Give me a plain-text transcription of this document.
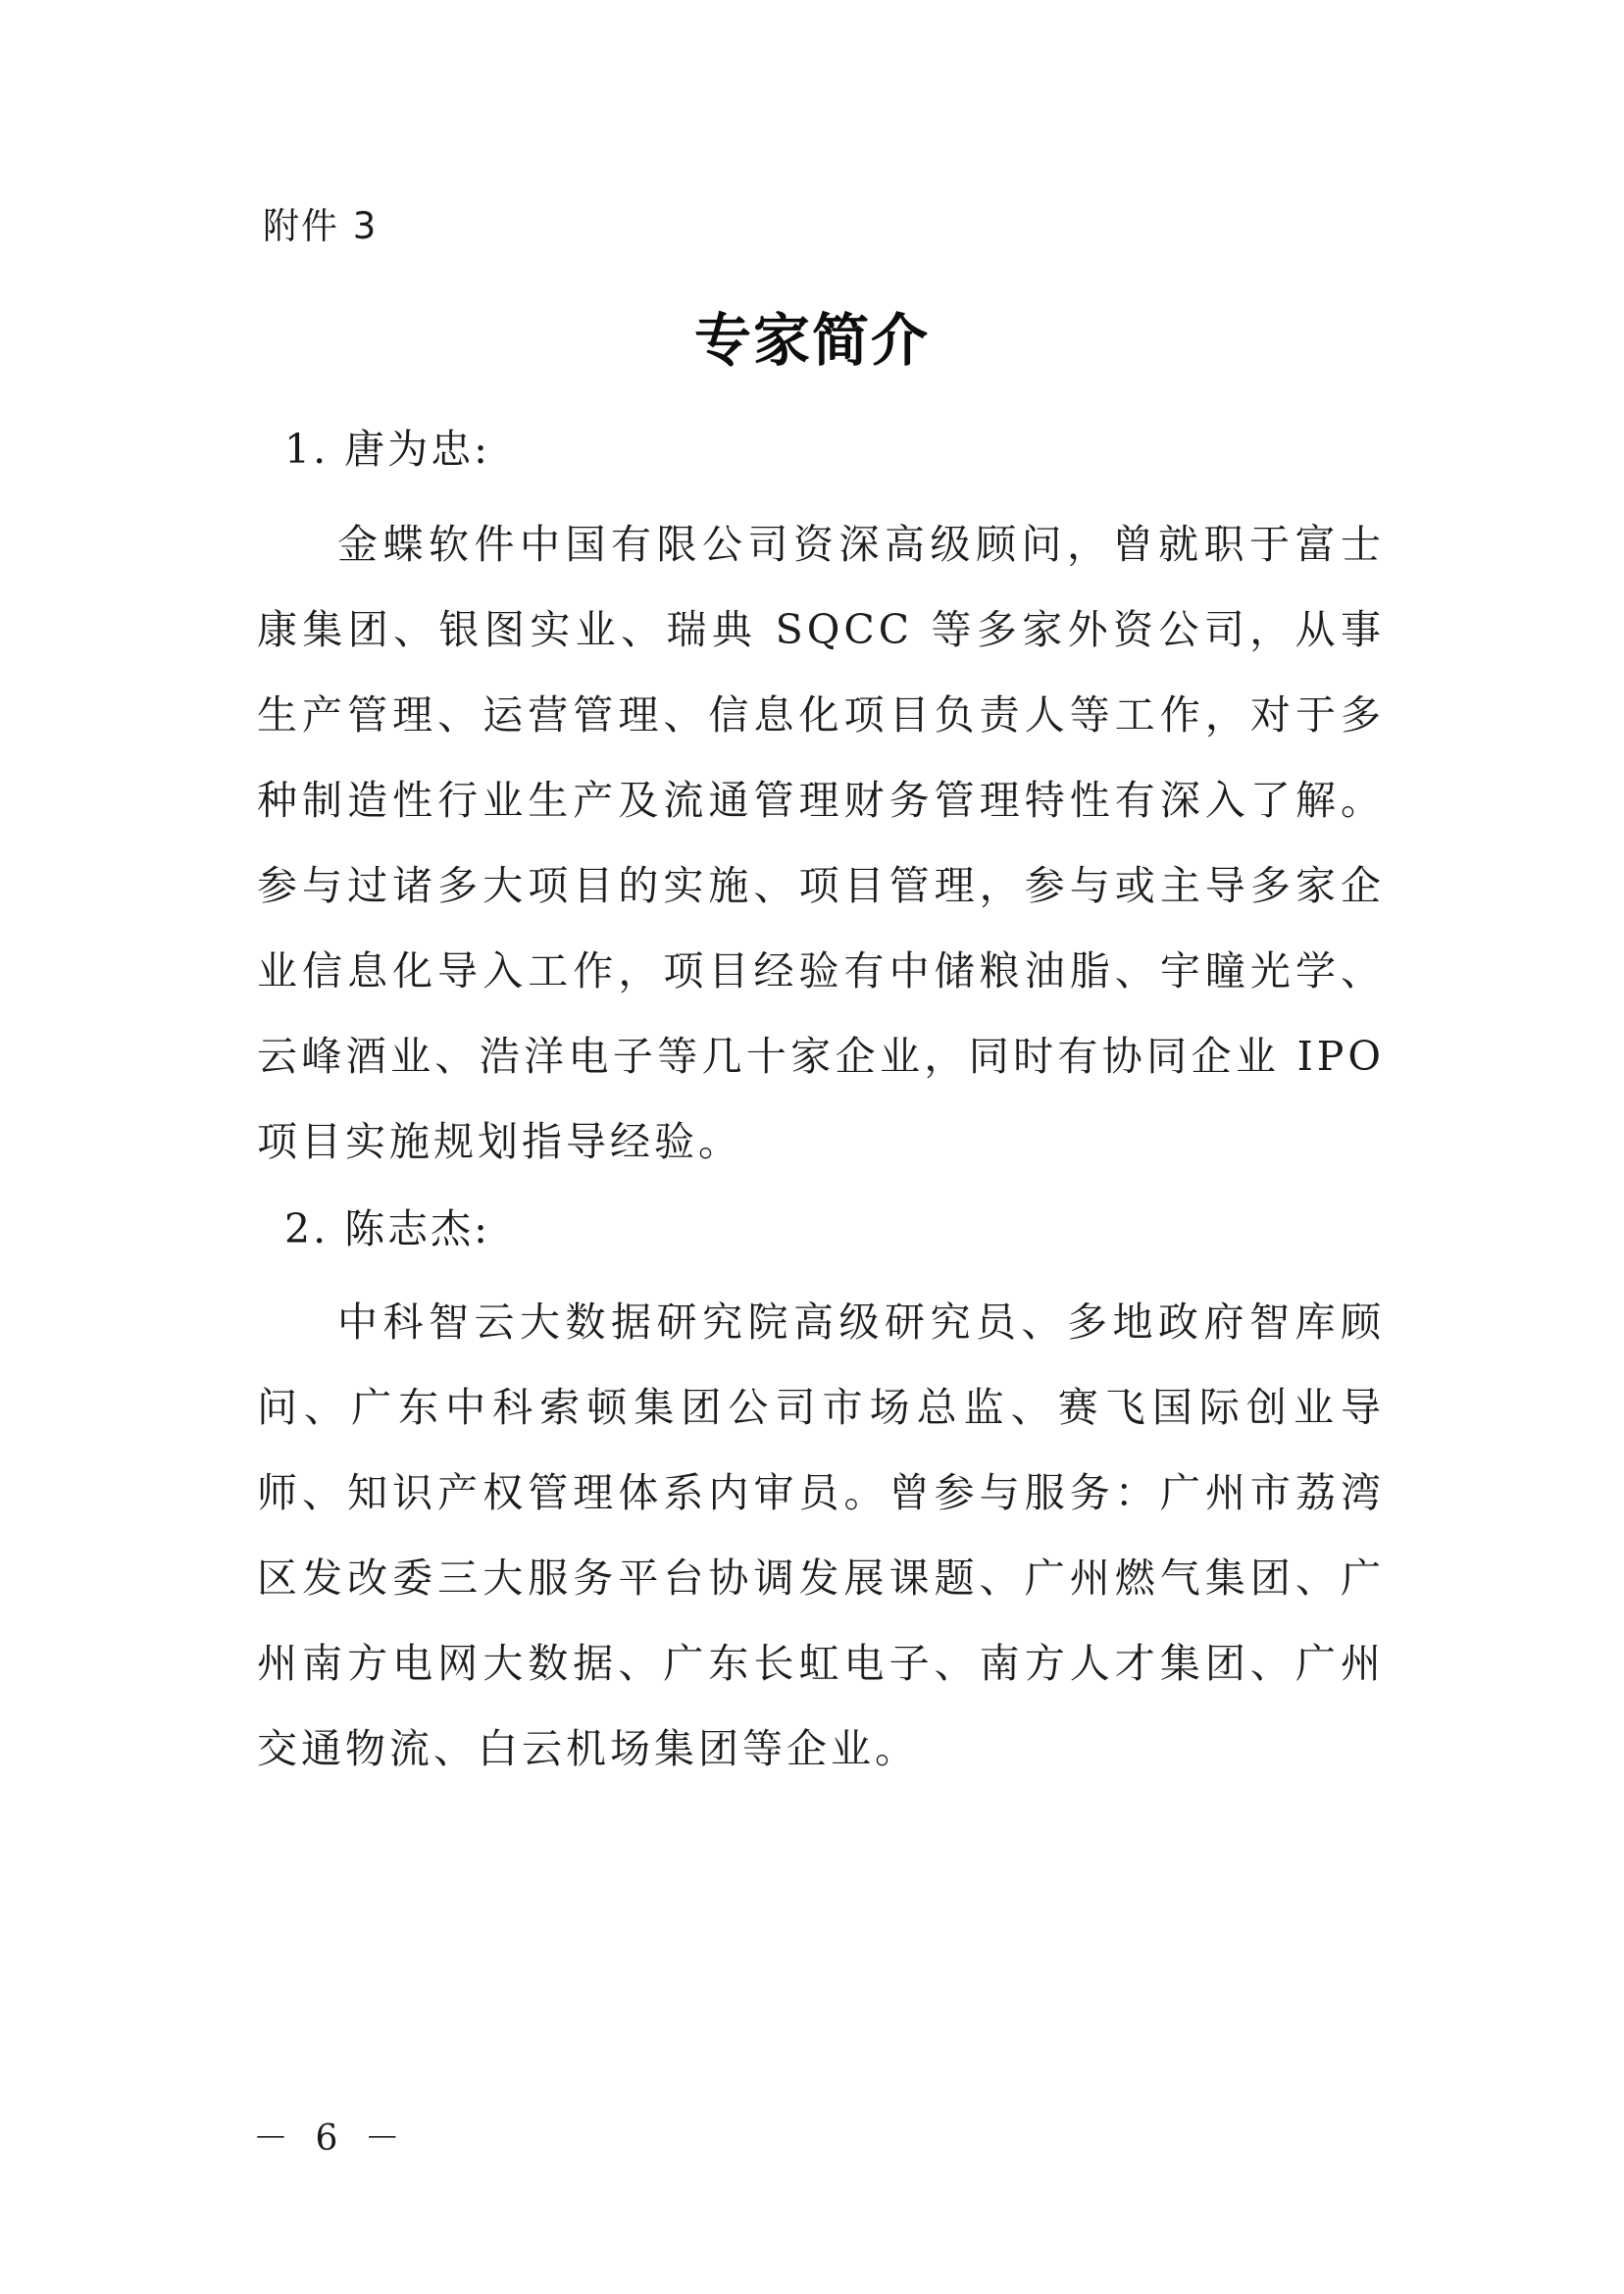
附件 3
专家简介
1. 唐为忠:

金蝶软件中国有限公司资深高级顾问，曾就职于富士康集团、银图实业、瑞典 SQCC 等多家外资公司，从事生产管理、运营管理、信息化项目负责人等工作，对于多种制造性行业生产及流通管理财务管理特性有深入了解。参与过诸多大项目的实施、项目管理，参与或主导多家企业信息化导入工作，项目经验有中储粮油脂、宇瞳光学、云峰酒业、浩洋电子等几十家企业，同时有协同企业 IPO 项目实施规划指导经验。

2. 陈志杰:

中科智云大数据研究院高级研究员、多地政府智库顾问、广东中科索顿集团公司市场总监、赛飞国际创业导师、知识产权管理体系内审员。曾参与服务：广州市荔湾区发改委三大服务平台协调发展课题、广州燃气集团、广州南方电网大数据、广东长虹电子、南方人才集团、广州交通物流、白云机场集团等企业。

－ 6 －
